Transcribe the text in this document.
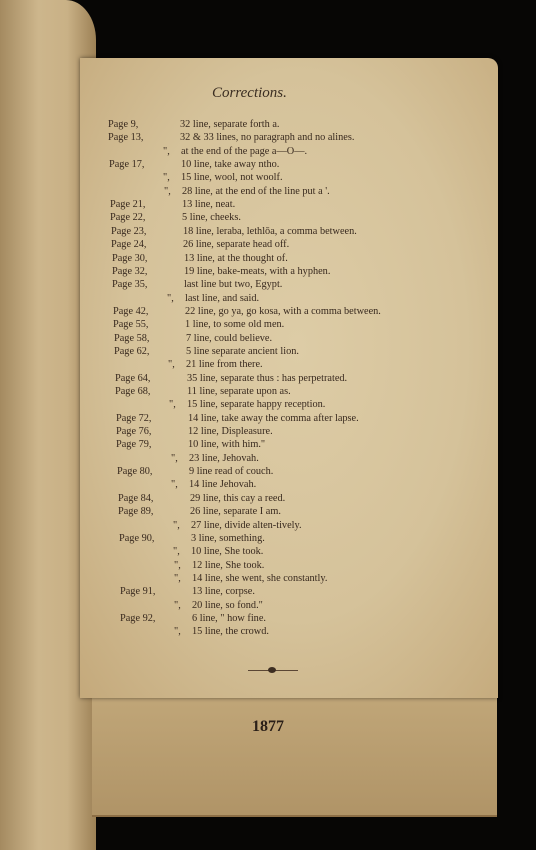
Corrections.
Page 9,	32 line, separate forth a.
Page 13,	32 & 33 lines, no paragraph and no alines.
",	at the end of the page a—O—.
Page 17,	10 line, take away ntho.
",	15 line, wool, not woolf.
",	28 line, at the end of the line put a '.
Page 21,	13 line, neat.
Page 22,	5 line, cheeks.
Page 23,	18 line, leraba, lethlōa, a comma between.
Page 24,	26 line, separate head off.
Page 30,	13 line, at the thought of.
Page 32,	19 line, bake-meats, with a hyphen.
Page 35,	last line but two, Egypt.
",	last line, and said.
Page 42,	22 line, go ya, go kosa, with a comma between.
Page 55,	1 line, to some old men.
Page 58,	7 line, could believe.
Page 62,	5 line separate ancient lion.
",	21 line from there.
Page 64,	35 line, separate thus : has perpetrated.
Page 68,	11 line, separate upon as.
",	15 line, separate happy reception.
Page 72,	14 line, take away the comma after lapse.
Page 76,	12 line, Displeasure.
Page 79,	10 line, with him."
",	23 line, Jehovah.
Page 80,	9 line read of couch.
",	14 line Jehovah.
Page 84,	29 line, this cay a reed.
Page 89,	26 line, separate I am.
",	27 line, divide alten-tively.
Page 90,	3 line, something.
",	10 line, She took.
",	12 line, She took.
",	14 line, she went, she constantly.
Page 91,	13 line, corpse.
",	20 line, so fond."
Page 92,	6 line, " how fine.
",	15 line, the crowd.
1877
